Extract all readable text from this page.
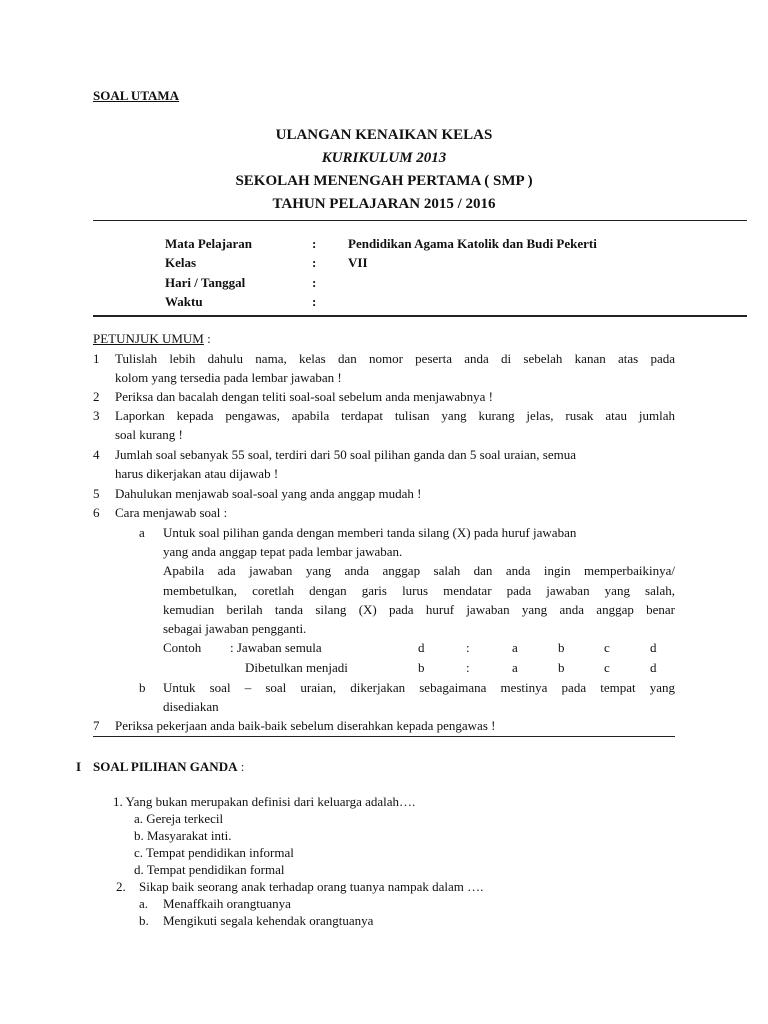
SOAL UTAMA
ULANGAN KENAIKAN KELAS
KURIKULUM 2013
SEKOLAH MENENGAH PERTAMA ( SMP )
TAHUN PELAJARAN 2015 / 2016
Mata Pelajaran	: Pendidikan Agama Katolik dan Budi Pekerti
Kelas	: VII
Hari / Tanggal	:
Waktu	:
PETUNJUK UMUM :
1 Tulislah lebih dahulu nama, kelas dan nomor peserta anda di sebelah kanan atas pada
kolom yang tersedia pada lembar jawaban !
2 Periksa dan bacalah dengan teliti soal-soal sebelum anda menjawabnya !
3 Laporkan kepada pengawas, apabila terdapat tulisan yang kurang jelas, rusak atau jumlah
soal kurang !
4 Jumlah soal sebanyak 55 soal, terdiri dari 50 soal pilihan ganda dan 5 soal uraian, semua
harus dikerjakan atau dijawab !
5 Dahulukan menjawab soal-soal yang anda anggap mudah !
6 Cara menjawab soal :
a Untuk soal pilihan ganda dengan memberi tanda silang (X) pada huruf jawaban
yang anda anggap tepat pada lembar jawaban.
Apabila ada jawaban yang anda anggap salah dan anda ingin memperbaikinya/
membetulkan, coretlah dengan garis lurus mendatar pada jawaban yang salah,
kemudian berilah tanda silang (X) pada huruf jawaban yang anda anggap benar
sebagai jawaban pengganti.
Contoh : Jawaban semula	d	:	a	b	c	d
Dibetulkan menjadi	b	:	a	b	c	d
b Untuk soal – soal uraian, dikerjakan sebagaimana mestinya pada tempat yang
disediakan
7 Periksa pekerjaan anda baik-baik sebelum diserahkan kepada pengawas !
I SOAL PILIHAN GANDA :
1. Yang bukan merupakan definisi dari keluarga adalah….
a. Gereja terkecil
b. Masyarakat inti.
c. Tempat pendidikan informal
d. Tempat pendidikan formal
2. Sikap baik seorang anak terhadap orang tuanya nampak dalam ….
a. Menaffkaih orangtuanya
b. Mengikuti segala kehendak orangtuanya
